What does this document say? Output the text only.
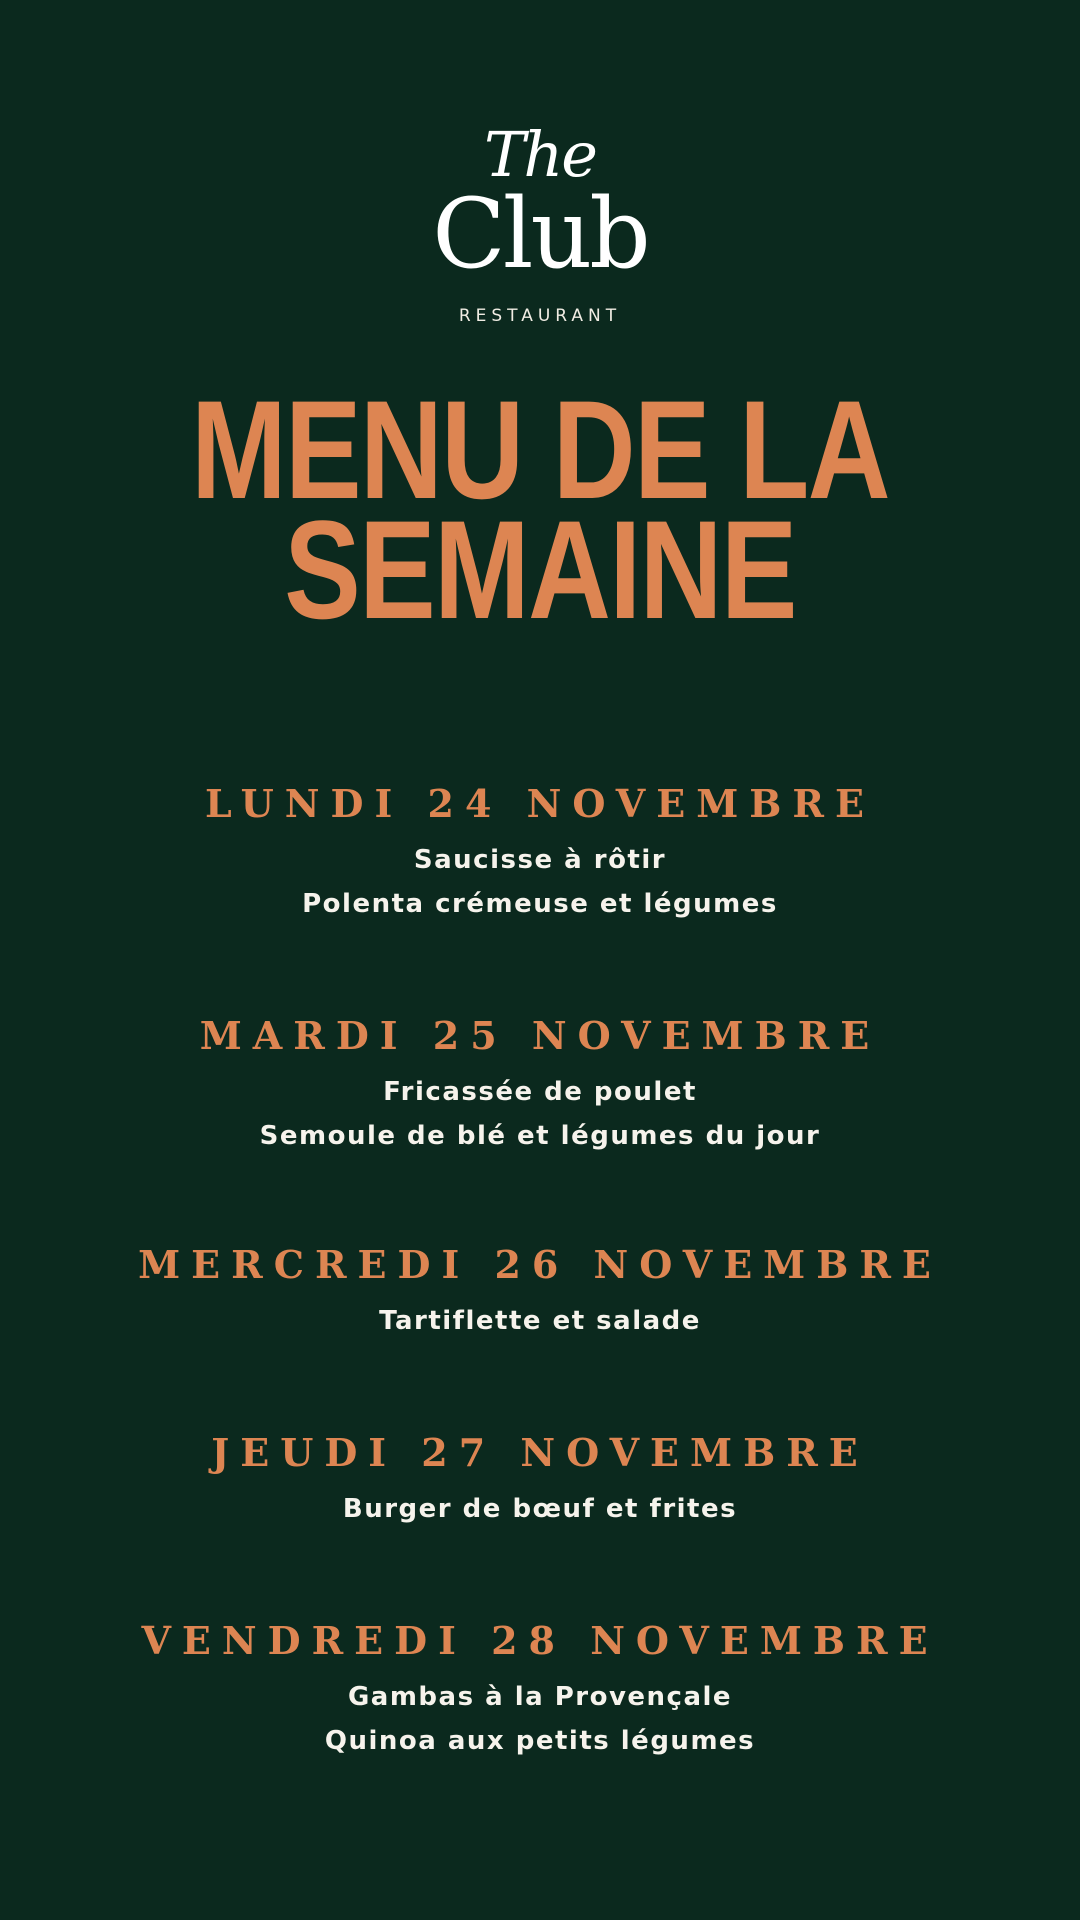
The
Club
RESTAURANT
MENU DE LA
SEMAINE
LUNDI 24 NOVEMBRE
Saucisse à rôtir
Polenta crémeuse et légumes
MARDI 25 NOVEMBRE
Fricassée de poulet
Semoule de blé et légumes du jour
MERCREDI 26 NOVEMBRE
Tartiflette et salade
JEUDI 27 NOVEMBRE
Burger de bœuf et frites
VENDREDI 28 NOVEMBRE
Gambas à la Provençale
Quinoa aux petits légumes
